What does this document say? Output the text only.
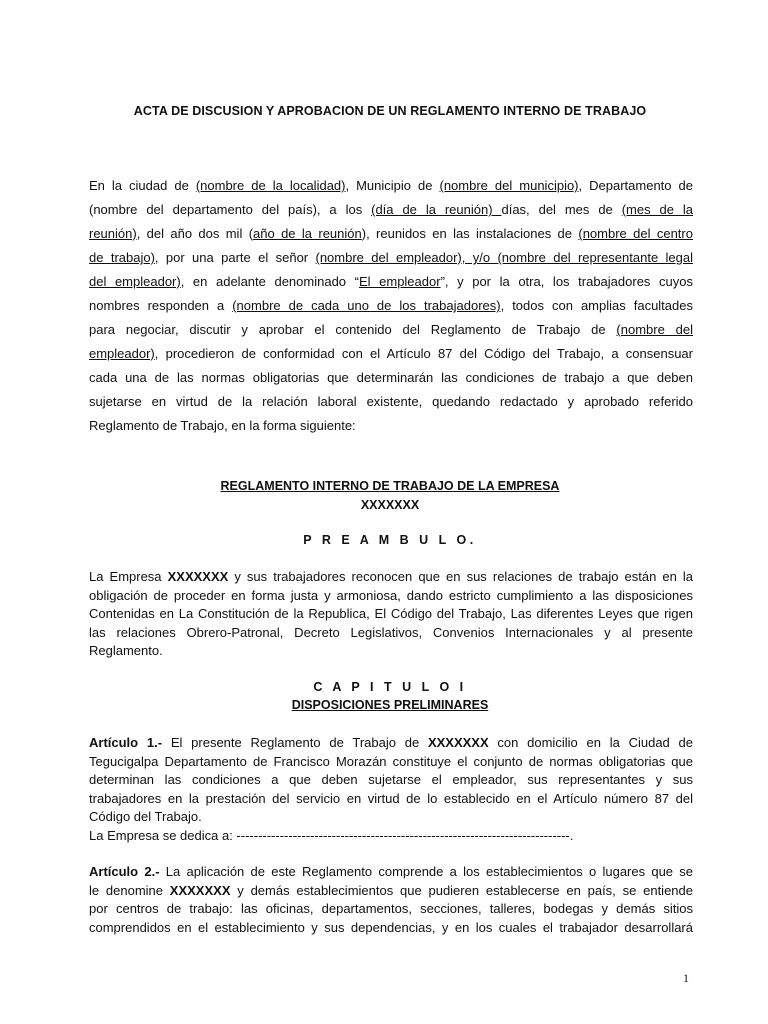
ACTA DE DISCUSION Y APROBACION DE UN REGLAMENTO INTERNO DE TRABAJO
En la ciudad de (nombre de la localidad), Municipio de (nombre del municipio), Departamento de
(nombre del departamento del país), a los (día de la reunión) días, del mes de (mes de la
reunión), del año dos mil (año de la reunión), reunidos en las instalaciones de (nombre del centro
de trabajo), por una parte el señor (nombre del empleador), y/o (nombre del representante legal
del empleador), en adelante denominado “El empleador”, y por la otra, los trabajadores cuyos
nombres responden a (nombre de cada uno de los trabajadores), todos con amplias facultades
para negociar, discutir y aprobar el contenido del Reglamento de Trabajo de (nombre del
empleador), procedieron de conformidad con el Artículo 87 del Código del Trabajo, a consensuar
cada una de las normas obligatorias que determinarán las condiciones de trabajo a que deben
sujetarse en virtud de la relación laboral existente, quedando redactado y aprobado referido
Reglamento de Trabajo, en la forma siguiente:
REGLAMENTO INTERNO DE TRABAJO DE LA EMPRESA
XXXXXXX
P R E A M B U L O.
La Empresa XXXXXXX y sus trabajadores reconocen que en sus relaciones de trabajo están en la
obligación de proceder en forma justa y armoniosa, dando estricto cumplimiento a las disposiciones
Contenidas en La Constitución de la Republica, El Código del Trabajo, Las diferentes Leyes que rigen
las relaciones Obrero-Patronal, Decreto Legislativos, Convenios Internacionales y al presente
Reglamento.
C A P I T U L O I
DISPOSICIONES PRELIMINARES
Artículo 1.- El presente Reglamento de Trabajo de XXXXXXX con domicilio en la Ciudad de
Tegucigalpa Departamento de Francisco Morazán constituye el conjunto de normas obligatorias que
determinan las condiciones a que deben sujetarse el empleador, sus representantes y sus
trabajadores en la prestación del servicio en virtud de lo establecido en el Artículo número 87 del
Código del Trabajo.
La Empresa se dedica a: -----------------------------------------------------------------------------.
Artículo 2.- La aplicación de este Reglamento comprende a los establecimientos o lugares que se
le denomine XXXXXXX y demás establecimientos que pudieren establecerse en país, se entiende
por centros de trabajo: las oficinas, departamentos, secciones, talleres, bodegas y demás sitios
comprendidos en el establecimiento y sus dependencias, y en los cuales el trabajador desarrollará
1
